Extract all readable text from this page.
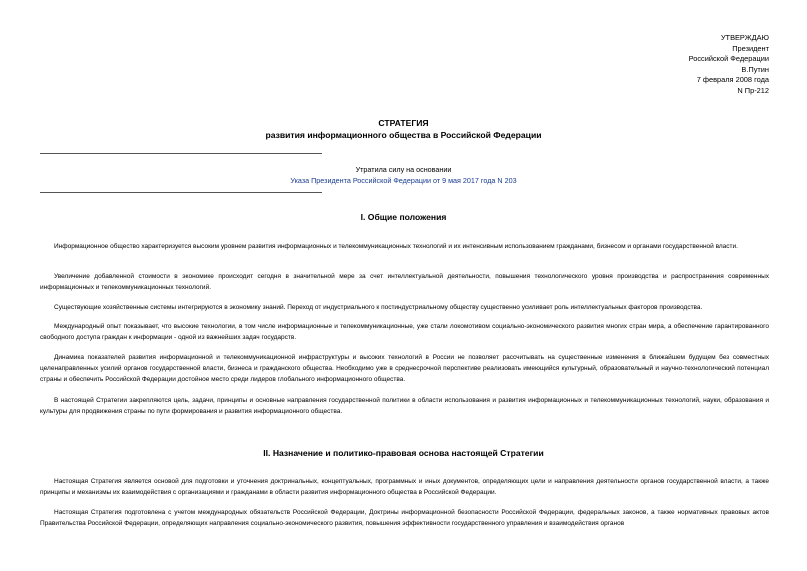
УТВЕРЖДАЮ
Президент
Российской Федерации
В.Путин
7 февраля 2008 года
N Пр-212
СТРАТЕГИЯ
развития информационного общества в Российской Федерации
Утратила силу на основании
Указа Президента Российской Федерации от 9 мая 2017 года N 203
I. Общие положения
Информационное общество характеризуется высоким уровнем развития информационных и телекоммуникационных технологий и их интенсивным использованием гражданами, бизнесом и органами государственной власти.
Увеличение добавленной стоимости в экономике происходит сегодня в значительной мере за счет интеллектуальной деятельности, повышения технологического уровня производства и распространения современных информационных и телекоммуникационных технологий.
Существующие хозяйственные системы интегрируются в экономику знаний. Переход от индустриального к постиндустриальному обществу существенно усиливает роль интеллектуальных факторов производства.
Международный опыт показывает, что высокие технологии, в том числе информационные и телекоммуникационные, уже стали локомотивом социально-экономического развития многих стран мира, а обеспечение гарантированного свободного доступа граждан к информации - одной из важнейших задач государств.
Динамика показателей развития информационной и телекоммуникационной инфраструктуры и высоких технологий в России не позволяет рассчитывать на существенные изменения в ближайшем будущем без совместных целенаправленных усилий органов государственной власти, бизнеса и гражданского общества. Необходимо уже в среднесрочной перспективе реализовать имеющийся культурный, образовательный и научно-технологический потенциал страны и обеспечить Российской Федерации достойное место среди лидеров глобального информационного общества.
В настоящей Стратегии закрепляются цель, задачи, принципы и основные направления государственной политики в области использования и развития информационных и телекоммуникационных технологий, науки, образования и культуры для продвижения страны по пути формирования и развития информационного общества.
II. Назначение и политико-правовая основа настоящей Стратегии
Настоящая Стратегия является основой для подготовки и уточнения доктринальных, концептуальных, программных и иных документов, определяющих цели и направления деятельности органов государственной власти, а также принципы и механизмы их взаимодействия с организациями и гражданами в области развития информационного общества в Российской Федерации.
Настоящая Стратегия подготовлена с учетом международных обязательств Российской Федерации, Доктрины информационной безопасности Российской Федерации, федеральных законов, а также нормативных правовых актов Правительства Российской Федерации, определяющих направления социально-экономического развития, повышения эффективности государственного управления и взаимодействия органов
